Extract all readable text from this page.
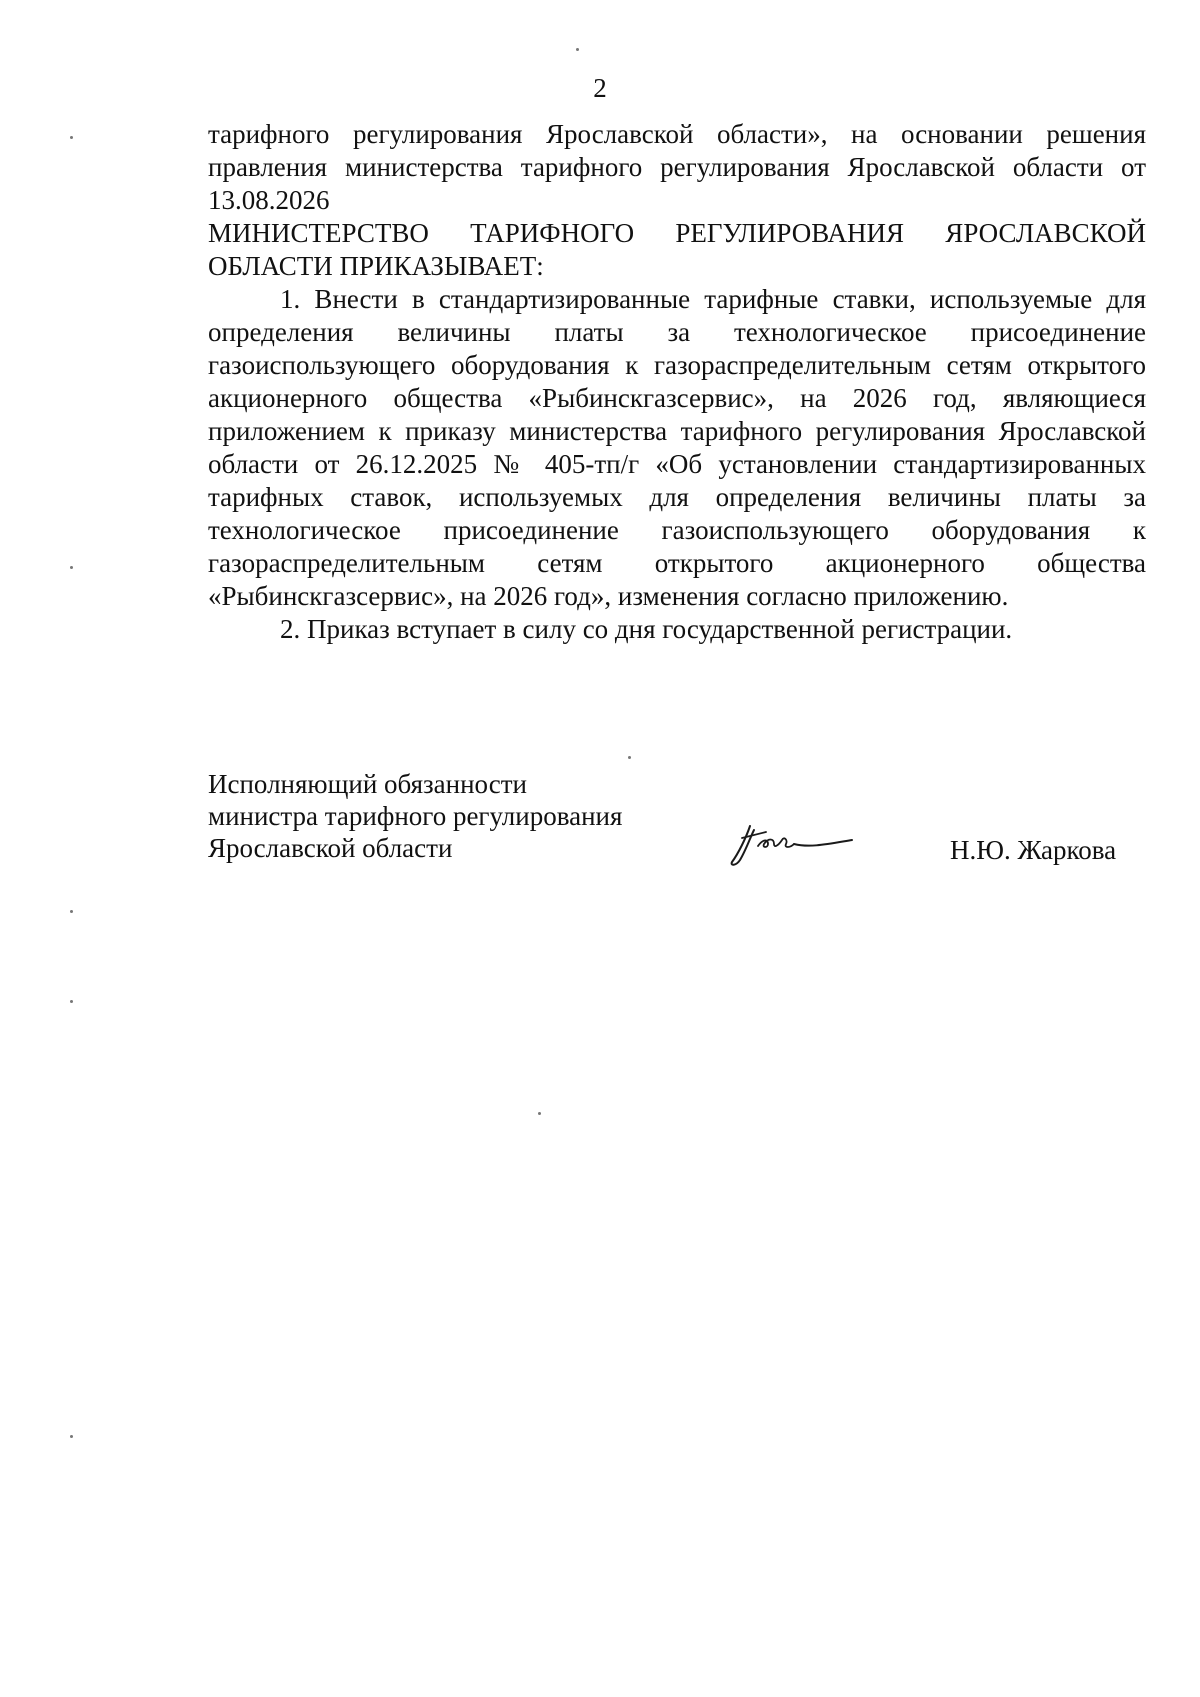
2

тарифного регулирования Ярославской области», на основании решения правления министерства тарифного регулирования Ярославской области от 13.08.2026

МИНИСТЕРСТВО ТАРИФНОГО РЕГУЛИРОВАНИЯ ЯРОСЛАВСКОЙ

ОБЛАСТИ ПРИКАЗЫВАЕТ:

1. Внести в стандартизированные тарифные ставки, используемые для определения величины платы за технологическое присоединение газоиспользующего оборудования к газораспределительным сетям открытого акционерного общества «Рыбинскгазсервис», на 2026 год, являющиеся приложением к приказу министерства тарифного регулирования Ярославской области от 26.12.2025 № 405-тп/г «Об установлении стандартизированных тарифных ставок, используемых для определения величины платы за технологическое присоединение газоиспользующего оборудования к газораспределительным сетям открытого акционерного общества «Рыбинскгазсервис», на 2026 год», изменения согласно приложению.

2. Приказ вступает в силу со дня государственной регистрации.

Исполняющий обязанности
министра тарифного регулирования
Ярославской области	Н.Ю. Жаркова
